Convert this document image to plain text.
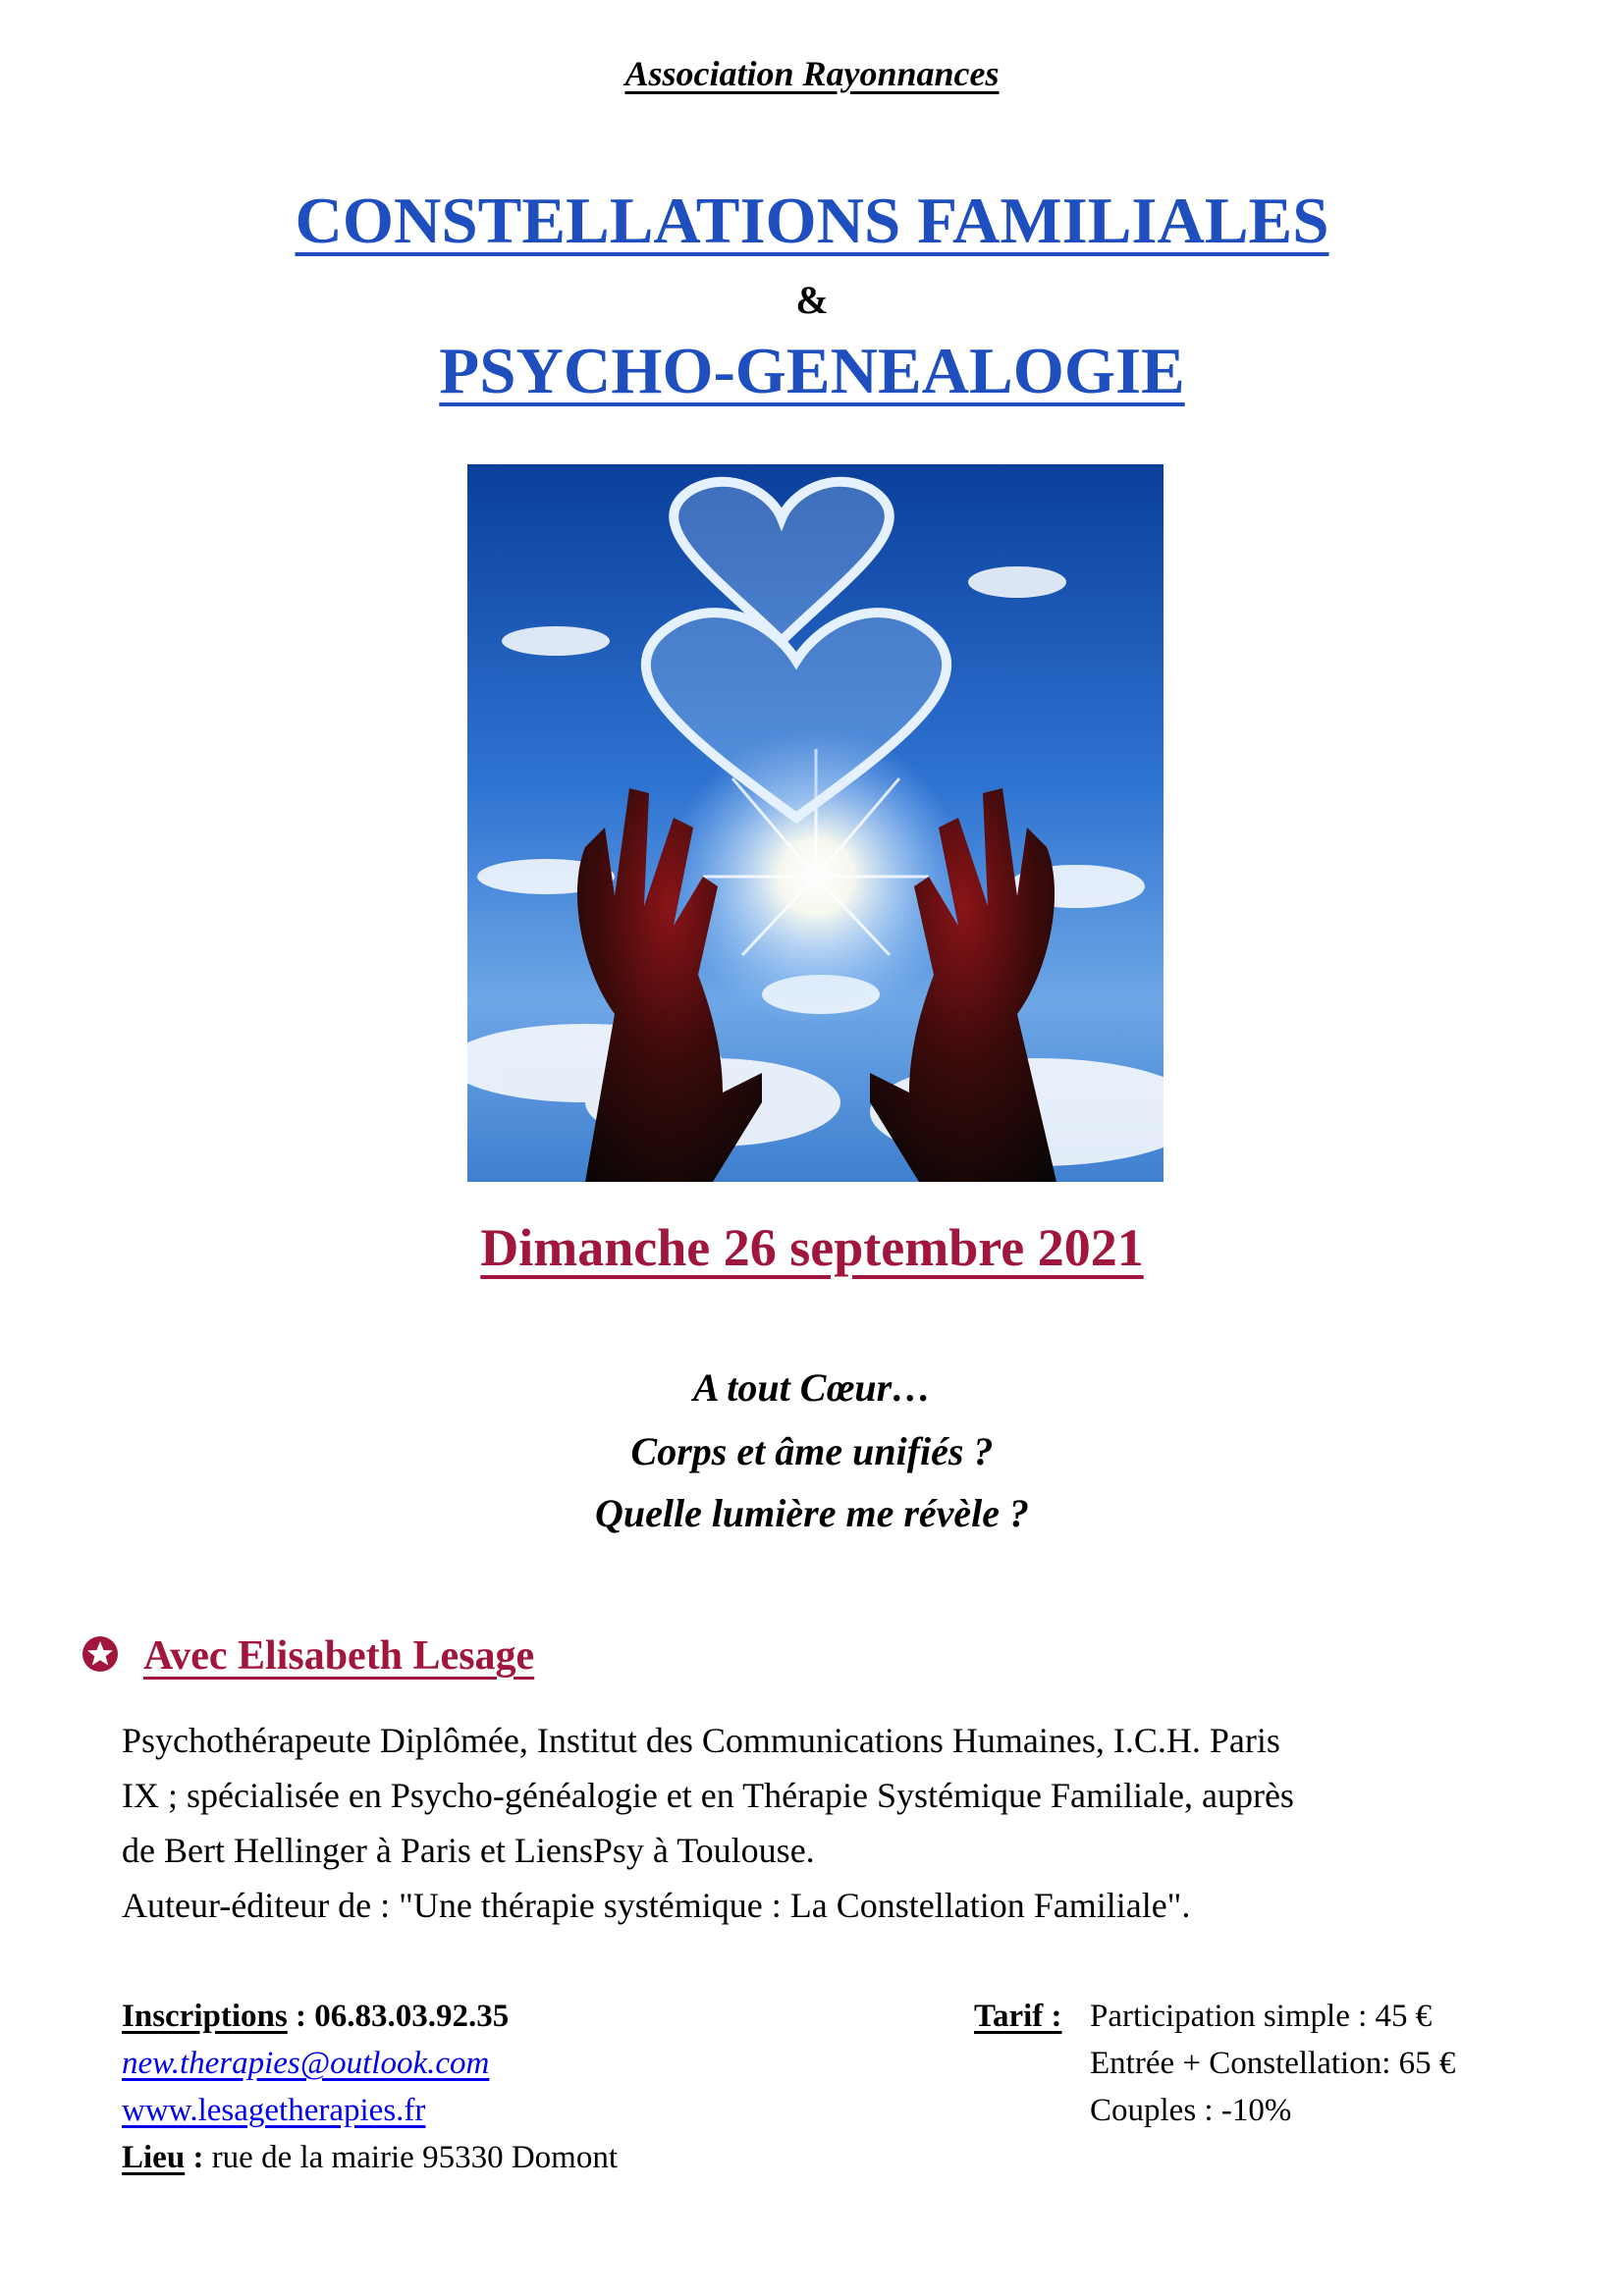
Association Rayonnances
CONSTELLATIONS FAMILIALES
&
PSYCHO-GENEALOGIE
Dimanche 26 septembre 2021
A tout Cœur…
Corps et âme unifiés ?
Quelle lumière me révèle ?
Avec Elisabeth Lesage
Psychothérapeute Diplômée, Institut des Communications Humaines, I.C.H. Paris
IX ; spécialisée en Psycho-généalogie et en Thérapie Systémique Familiale, auprès
de Bert Hellinger à Paris et LiensPsy à Toulouse.
Auteur-éditeur de : "Une thérapie systémique : La Constellation Familiale".
Inscriptions : 06.83.03.92.35
new.therapies@outlook.com
www.lesagetherapies.fr
Lieu : rue de la mairie 95330 Domont
Tarif : Participation simple : 45 €
Entrée + Constellation: 65 €
Couples : -10%
